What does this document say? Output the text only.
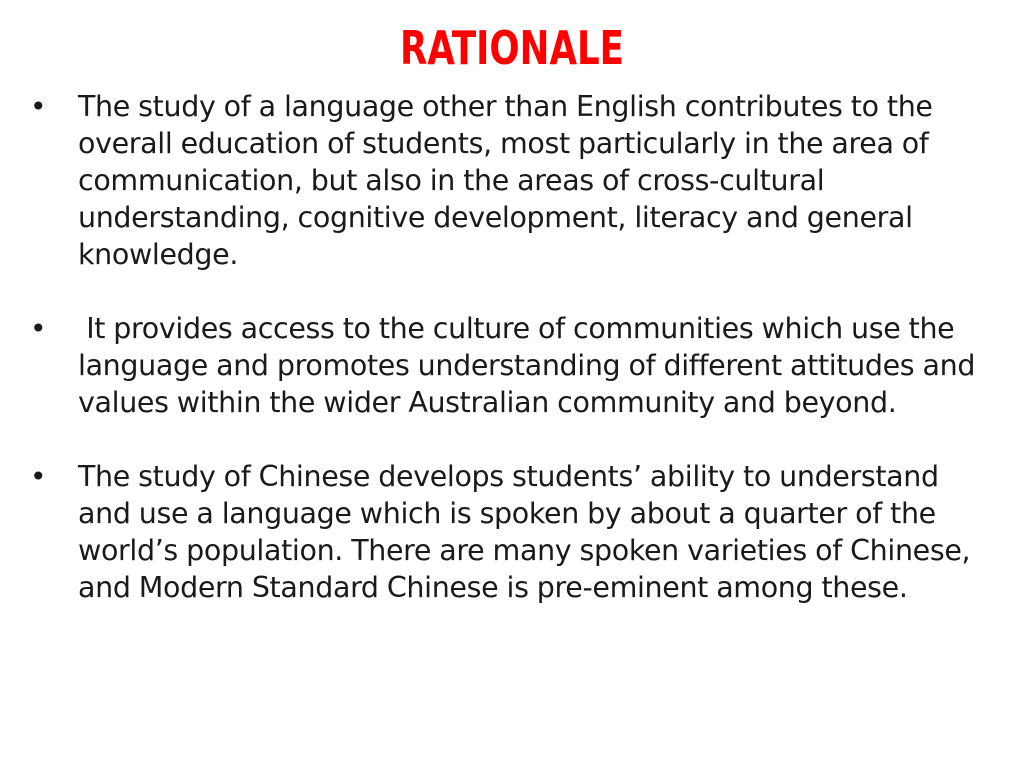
RATIONALE
• The study of a language other than English contributes to the overall education of students, most particularly in the area of communication, but also in the areas of cross-cultural understanding, cognitive development, literacy and general knowledge.
• It provides access to the culture of communities which use the language and promotes understanding of different attitudes and values within the wider Australian community and beyond.
• The study of Chinese develops students’ ability to understand and use a language which is spoken by about a quarter of the world’s population. There are many spoken varieties of Chinese, and Modern Standard Chinese is pre-eminent among these.
